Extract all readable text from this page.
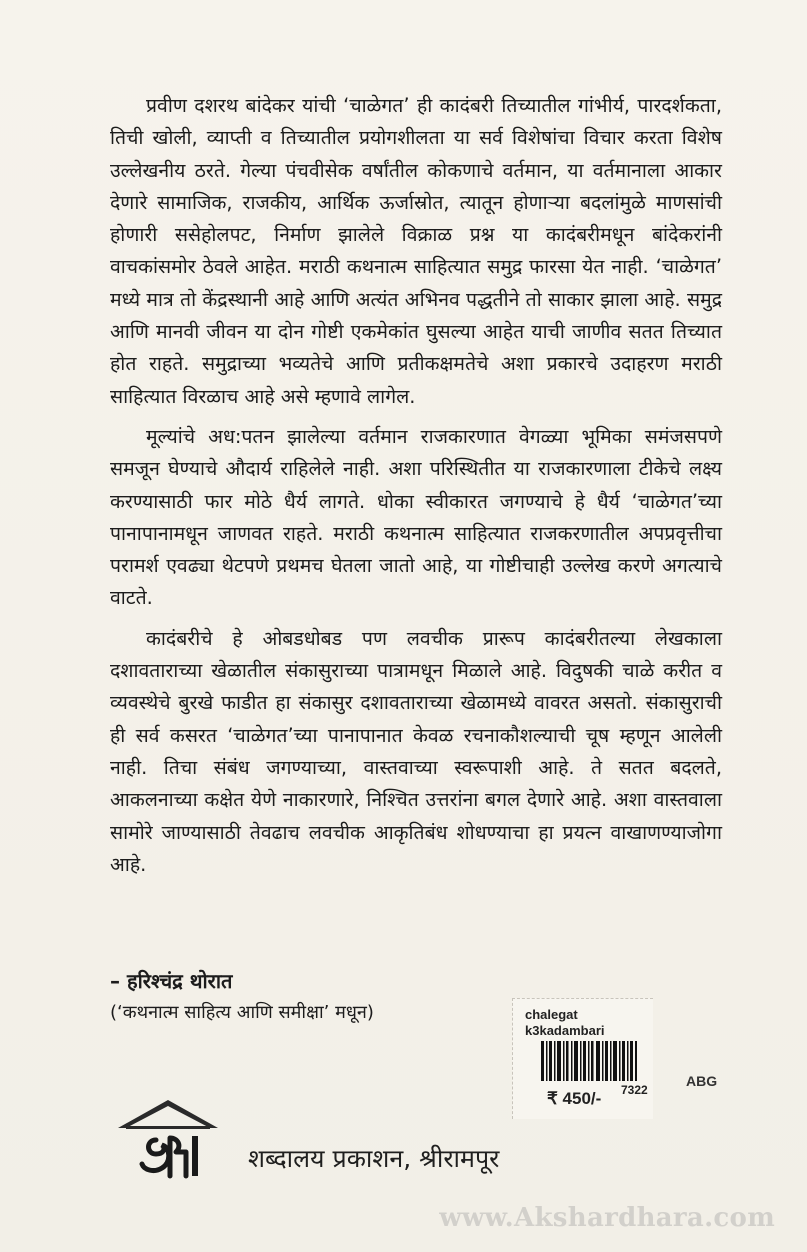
प्रवीण दशरथ बांदेकर यांची ‘चाळेगत’ ही कादंबरी तिच्यातील गांभीर्य, पारदर्शकता, तिची खोली, व्याप्ती व तिच्यातील प्रयोगशीलता या सर्व विशेषांचा विचार करता विशेष उल्लेखनीय ठरते. गेल्या पंचवीसेक वर्षांतील कोकणाचे वर्तमान, या वर्तमानाला आकार देणारे सामाजिक, राजकीय, आर्थिक ऊर्जास्रोत, त्यातून होणाऱ्या बदलांमुळे माणसांची होणारी ससेहोलपट, निर्माण झालेले विक्राळ प्रश्न या कादंबरीमधून बांदेकरांनी वाचकांसमोर ठेवले आहेत. मराठी कथनात्म साहित्यात समुद्र फारसा येत नाही. ‘चाळेगत’ मध्ये मात्र तो केंद्रस्थानी आहे आणि अत्यंत अभिनव पद्धतीने तो साकार झाला आहे. समुद्र आणि मानवी जीवन या दोन गोष्टी एकमेकांत घुसल्या आहेत याची जाणीव सतत तिच्यात होत राहते. समुद्राच्या भव्यतेचे आणि प्रतीकक्षमतेचे अशा प्रकारचे उदाहरण मराठी साहित्यात विरळाच आहे असे म्हणावे लागेल.

मूल्यांचे अध:पतन झालेल्या वर्तमान राजकारणात वेगळ्या भूमिका समंजसपणे समजून घेण्याचे औदार्य राहिलेले नाही. अशा परिस्थितीत या राजकारणाला टीकेचे लक्ष्य करण्यासाठी फार मोठे धैर्य लागते. धोका स्वीकारत जगण्याचे हे धैर्य ‘चाळेगत’च्या पानापानामधून जाणवत राहते. मराठी कथनात्म साहित्यात राजकरणातील अपप्रवृत्तीचा परामर्श एवढ्या थेटपणे प्रथमच घेतला जातो आहे, या गोष्टीचाही उल्लेख करणे अगत्याचे वाटते.

कादंबरीचे हे ओबडधोबड पण लवचीक प्रारूप कादंबरीतल्या लेखकाला दशावताराच्या खेळातील संकासुराच्या पात्रामधून मिळाले आहे. विदुषकी चाळे करीत व व्यवस्थेचे बुरखे फाडीत हा संकासुर दशावताराच्या खेळामध्ये वावरत असतो. संकासुराची ही सर्व कसरत ‘चाळेगत’च्या पानापानात केवळ रचनाकौशल्याची चूष म्हणून आलेली नाही. तिचा संबंध जगण्याच्या, वास्तवाच्या स्वरूपाशी आहे. ते सतत बदलते, आकलनाच्या कक्षेत येणे नाकारणारे, निश्चित उत्तरांना बगल देणारे आहे. अशा वास्तवाला सामोरे जाण्यासाठी तेवढाच लवचीक आकृतिबंध शोधण्याचा हा प्रयत्न वाखाणण्याजोगा आहे.

– हरिश्चंद्र थोरात

(‘कथनात्म साहित्य आणि समीक्षा’ मधून)	chalegat

k3kadambari

₹ 450/- 7322
ABG
शब्दालय प्रकाशन, श्रीरामपूर
www.Akshardhara.com
